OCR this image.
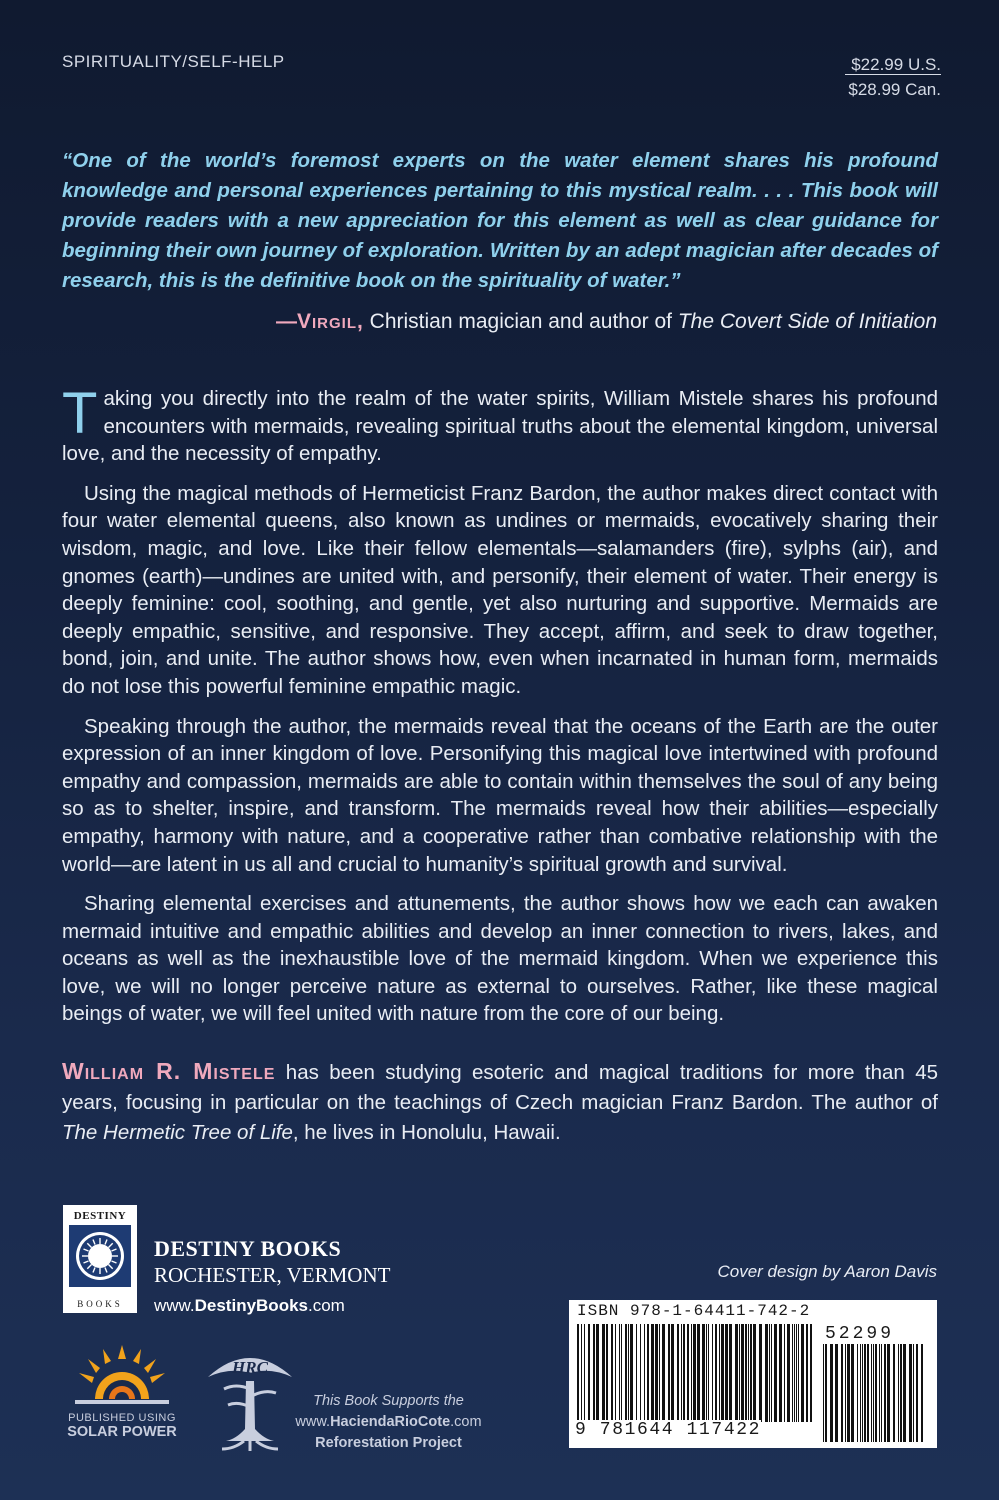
SPIRITUALITY/SELF-HELP	$22.99 U.S.
$28.99 Can.
“One of the world’s foremost experts on the water element shares his profound knowledge and personal experiences pertaining to this mystical realm. . . . This book will provide readers with a new appreciation for this element as well as clear guidance for beginning their own journey of exploration. Written by an adept magician after decades of research, this is the definitive book on the spirituality of water.”
—Virgil, Christian magician and author of The Covert Side of Initiation

Taking you directly into the realm of the water spirits, William Mistele shares his profound encounters with mermaids, revealing spiritual truths about the elemental kingdom, universal love, and the necessity of empathy.

Using the magical methods of Hermeticist Franz Bardon, the author makes direct contact with four water elemental queens, also known as undines or mermaids, evocatively sharing their wisdom, magic, and love. Like their fellow elementals—salamanders (fire), sylphs (air), and gnomes (earth)—undines are united with, and personify, their element of water. Their energy is deeply feminine: cool, soothing, and gentle, yet also nurturing and supportive. Mermaids are deeply empathic, sensitive, and responsive. They accept, affirm, and seek to draw together, bond, join, and unite. The author shows how, even when incarnated in human form, mermaids do not lose this powerful feminine empathic magic.

Speaking through the author, the mermaids reveal that the oceans of the Earth are the outer expression of an inner kingdom of love. Personifying this magical love intertwined with profound empathy and compassion, mermaids are able to contain within themselves the soul of any being so as to shelter, inspire, and transform. The mermaids reveal how their abilities—especially empathy, harmony with nature, and a cooperative rather than combative relationship with the world—are latent in us all and crucial to humanity’s spiritual growth and survival.

Sharing elemental exercises and attunements, the author shows how we each can awaken mermaid intuitive and empathic abilities and develop an inner connection to rivers, lakes, and oceans as well as the inexhaustible love of the mermaid kingdom. When we experience this love, we will no longer perceive nature as external to ourselves. Rather, like these magical beings of water, we will feel united with nature from the core of our being.

William R. Mistele has been studying esoteric and magical traditions for more than 45 years, focusing in particular on the teachings of Czech magician Franz Bardon. The author of The Hermetic Tree of Life, he lives in Honolulu, Hawaii.
DESTINY
BOOKS
DESTINY BOOKS
ROCHESTER, VERMONT
www.DestinyBooks.com
Cover design by Aaron Davis
PUBLISHED USING
SOLAR POWER
HRC
This Book Supports the
www.HaciendaRioCote.com
Reforestation Project
ISBN 978-1-64411-742-2
9 781644 117422
52299
